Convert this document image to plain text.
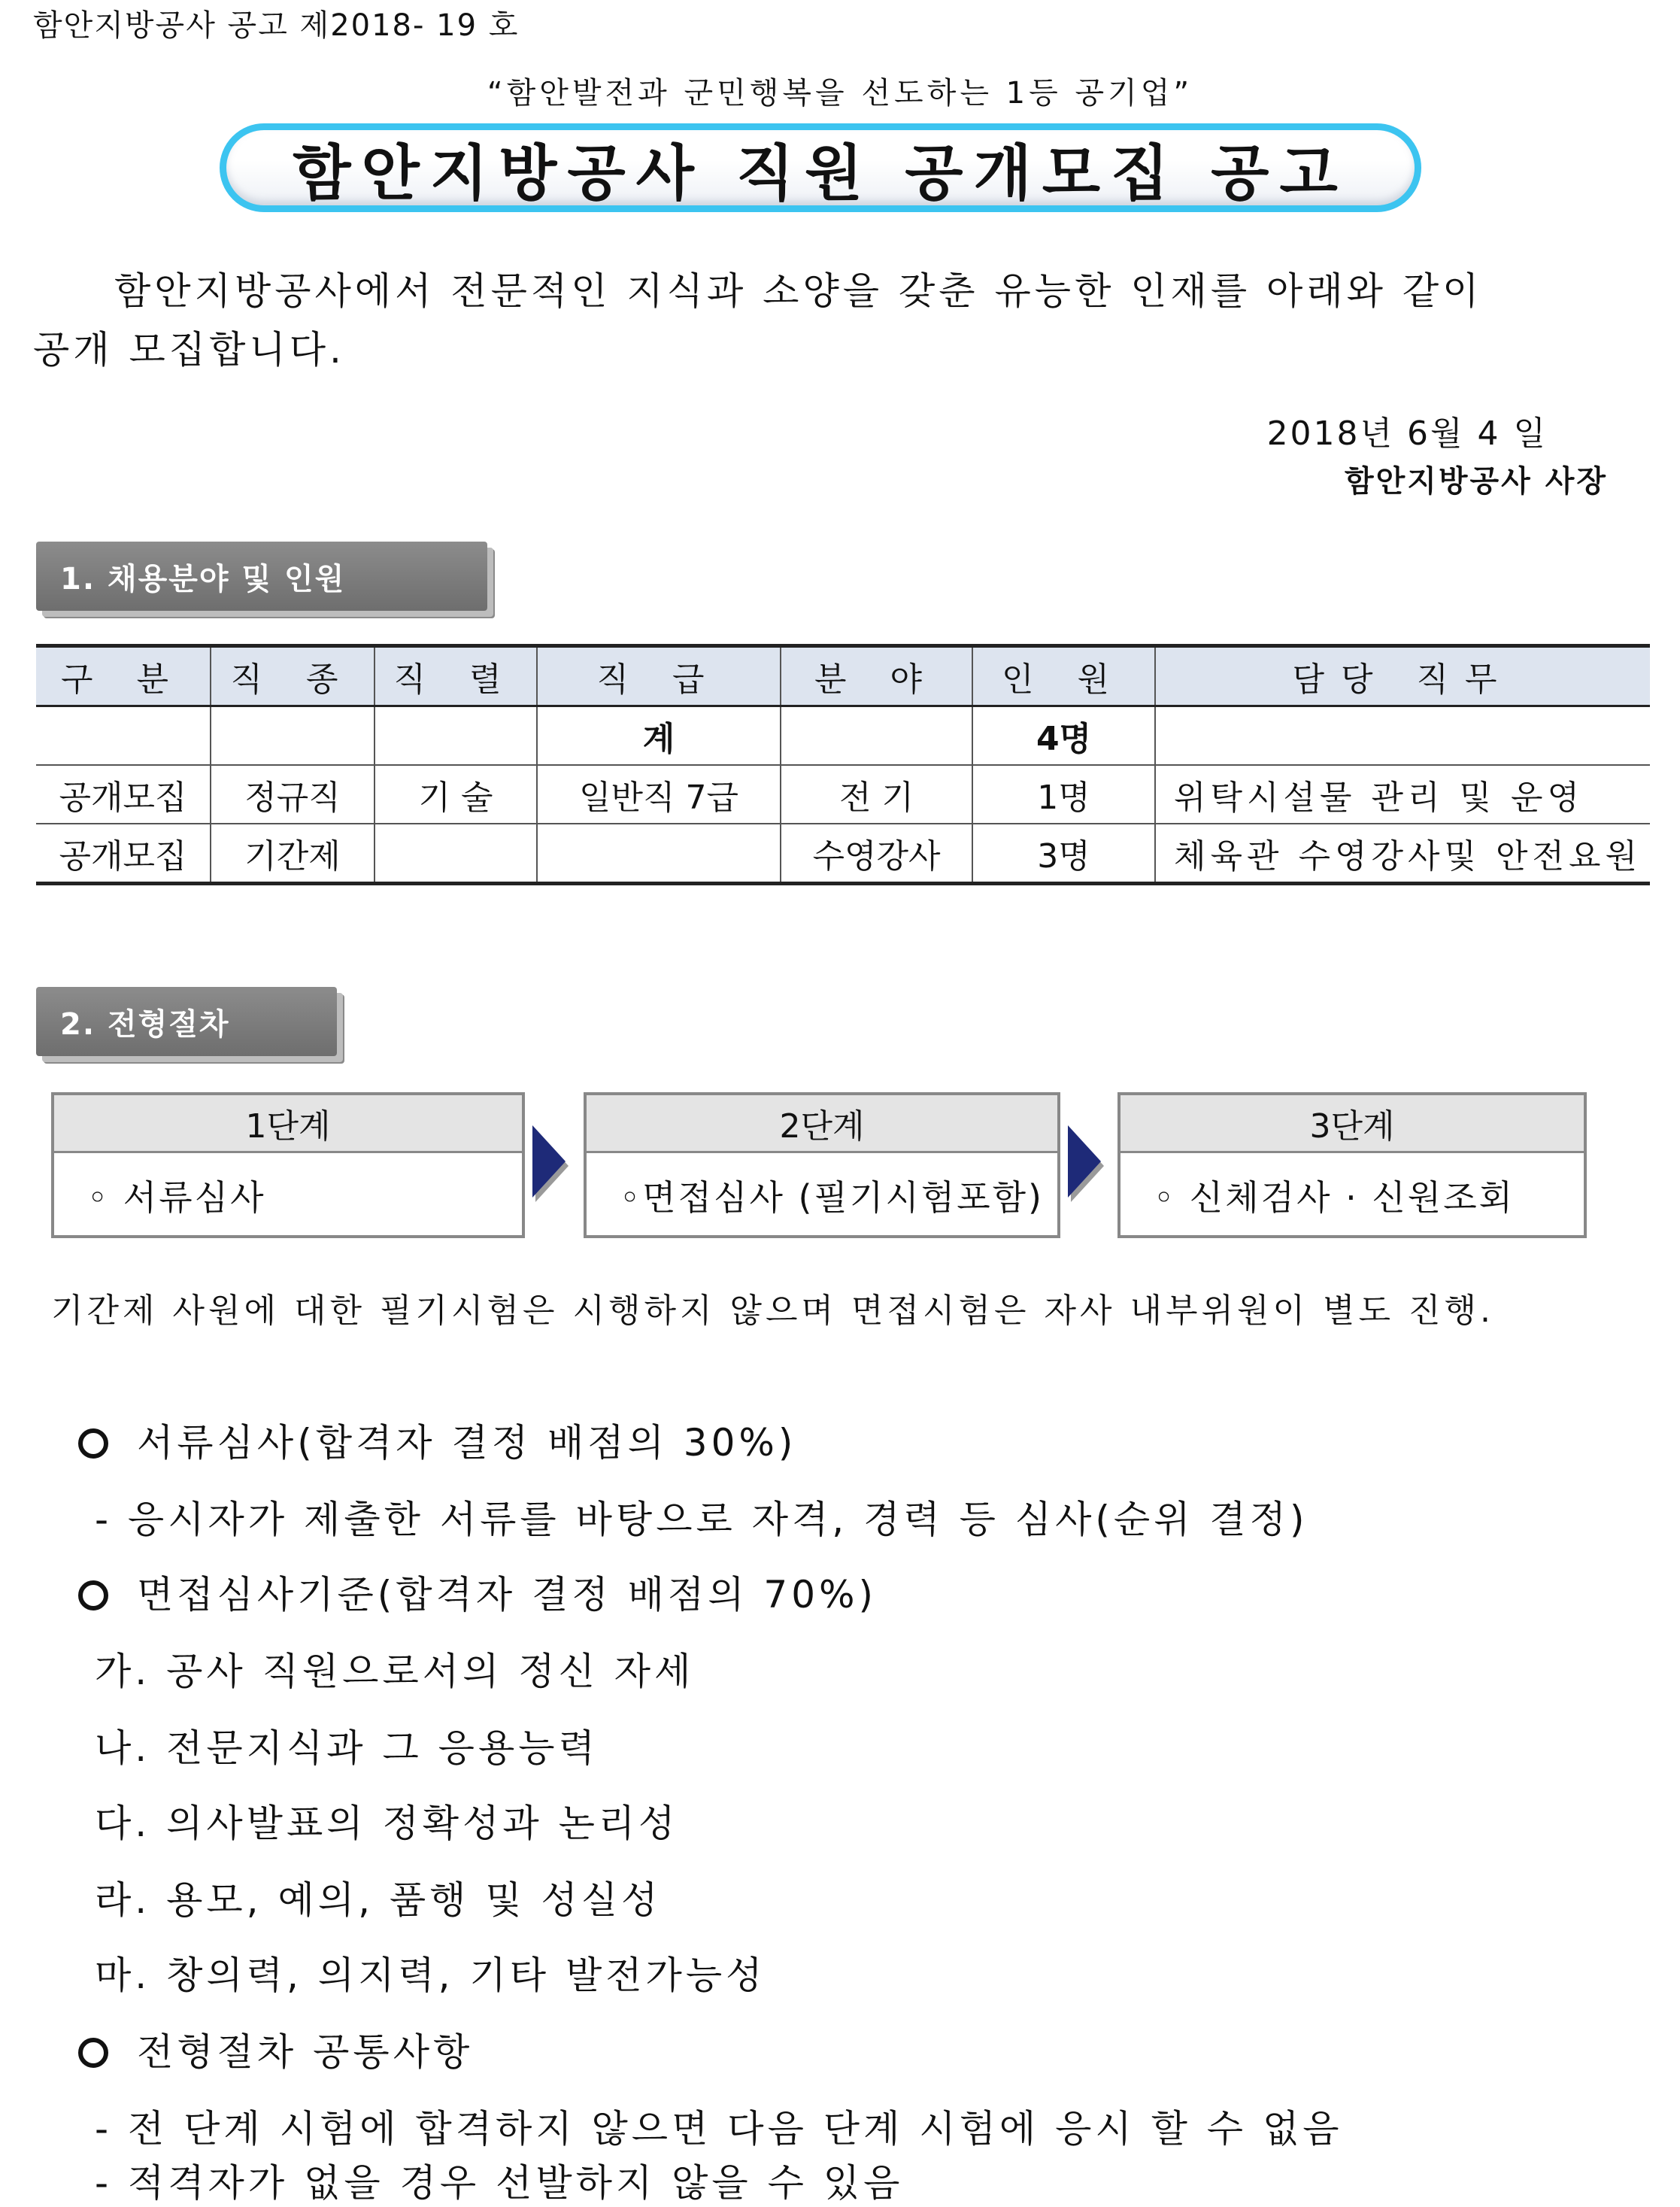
함안지방공사 공고 제2018- 19 호
“함안발전과 군민행복을 선도하는 1등 공기업”
함안지방공사 직원 공개모집 공고
함안지방공사에서 전문적인 지식과 소양을 갖춘 유능한 인재를 아래와 같이
공개 모집합니다.
2018년 6월 4 일
함안지방공사 사장
1. 채용분야 및 인원
구 분	직 종	직 렬	직 급	분 야	인 원	담당 직무
			계		4명	
공개모집	정규직	기 술	일반직 7급	전 기	1명	위탁시설물 관리 및 운영
공개모집	기간제			수영강사	3명	체육관 수영강사및 안전요원
2. 전형절차
1단계
◦ 서류심사
2단계
◦면접심사 (필기시험포함)
3단계
◦ 신체검사 · 신원조회
기간제 사원에 대한 필기시험은 시행하지 않으며 면접시험은 자사 내부위원이 별도 진행.
서류심사(합격자 결정 배점의 30%)
- 응시자가 제출한 서류를 바탕으로 자격, 경력 등 심사(순위 결정)
면접심사기준(합격자 결정 배점의 70%)
가. 공사 직원으로서의 정신 자세
나. 전문지식과 그 응용능력
다. 의사발표의 정확성과 논리성
라. 용모, 예의, 품행 및 성실성
마. 창의력, 의지력, 기타 발전가능성
전형절차 공통사항
- 전 단계 시험에 합격하지 않으면 다음 단계 시험에 응시 할 수 없음
- 적격자가 없을 경우 선발하지 않을 수 있음
